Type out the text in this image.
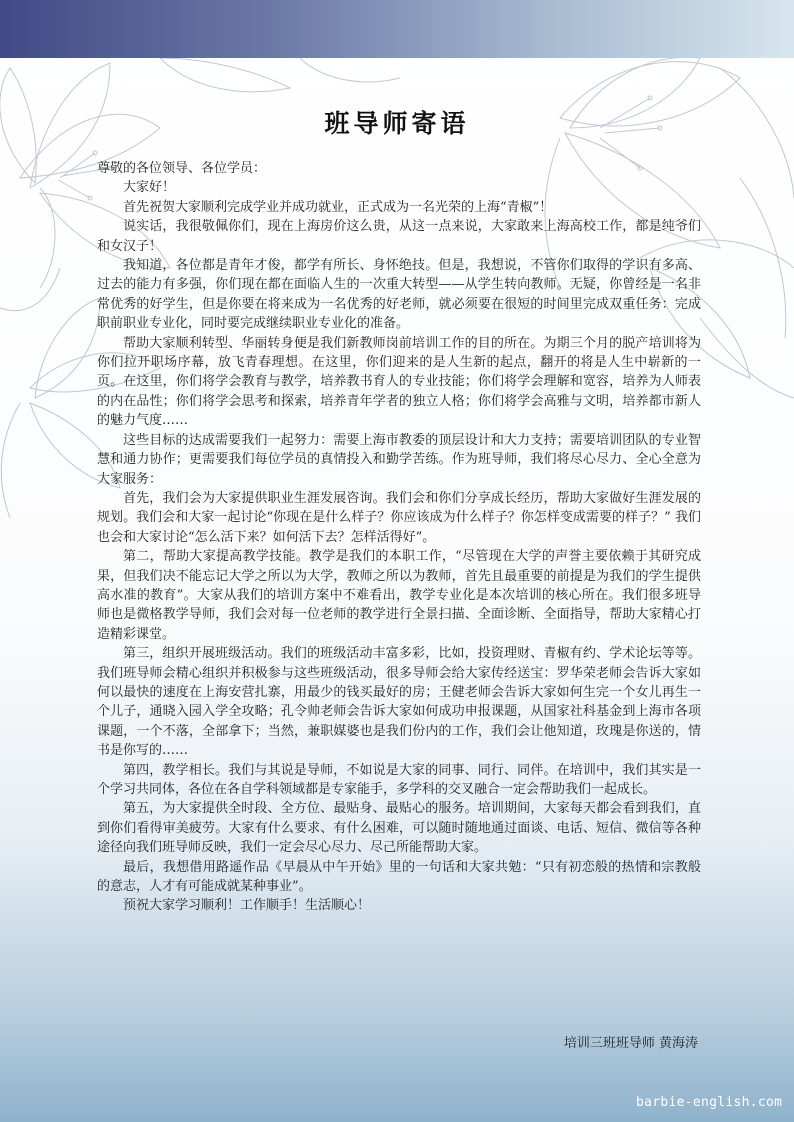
班导师寄语

尊敬的各位领导、各位学员：

大家好！

首先祝贺大家顺利完成学业并成功就业，正式成为一名光荣的上海“青椒”！

说实话，我很敬佩你们，现在上海房价这么贵，从这一点来说，大家敢来上海高校工作，都是纯爷们和女汉子！

我知道，各位都是青年才俊，都学有所长、身怀绝技。但是，我想说，不管你们取得的学识有多高、过去的能力有多强，你们现在都在面临人生的一次重大转型——从学生转向教师。无疑，你曾经是一名非常优秀的好学生，但是你要在将来成为一名优秀的好老师，就必须要在很短的时间里完成双重任务：完成职前职业专业化，同时要完成继续职业专业化的准备。

帮助大家顺利转型、华丽转身便是我们新教师岗前培训工作的目的所在。为期三个月的脱产培训将为你们拉开职场序幕，放飞青春理想。在这里，你们迎来的是人生新的起点，翻开的将是人生中崭新的一页。在这里，你们将学会教育与教学，培养教书育人的专业技能；你们将学会理解和宽容，培养为人师表的内在品性；你们将学会思考和探索，培养青年学者的独立人格；你们将学会高雅与文明，培养都市新人的魅力气度……

这些目标的达成需要我们一起努力：需要上海市教委的顶层设计和大力支持；需要培训团队的专业智慧和通力协作；更需要我们每位学员的真情投入和勤学苦练。作为班导师，我们将尽心尽力、全心全意为大家服务：

首先，我们会为大家提供职业生涯发展咨询。我们会和你们分享成长经历，帮助大家做好生涯发展的规划。我们会和大家一起讨论“你现在是什么样子？你应该成为什么样子？你怎样变成需要的样子？” 我们也会和大家讨论“怎么活下来？如何活下去？怎样活得好”。

第二，帮助大家提高教学技能。教学是我们的本职工作，“尽管现在大学的声誉主要依赖于其研究成果，但我们决不能忘记大学之所以为大学，教师之所以为教师，首先且最重要的前提是为我们的学生提供高水准的教育”。大家从我们的培训方案中不难看出，教学专业化是本次培训的核心所在。我们很多班导师也是微格教学导师，我们会对每一位老师的教学进行全景扫描、全面诊断、全面指导，帮助大家精心打造精彩课堂。

第三，组织开展班级活动。我们的班级活动丰富多彩，比如，投资理财、青椒有约、学术论坛等等。我们班导师会精心组织并积极参与这些班级活动，很多导师会给大家传经送宝：罗华荣老师会告诉大家如何以最快的速度在上海安营扎寨，用最少的钱买最好的房；王健老师会告诉大家如何生完一个女儿再生一个儿子，通晓入园入学全攻略；孔令帅老师会告诉大家如何成功申报课题，从国家社科基金到上海市各项课题，一个不落，全部拿下；当然，兼职媒婆也是我们份内的工作，我们会让他知道，玫瑰是你送的，情书是你写的……

第四，教学相长。我们与其说是导师，不如说是大家的同事、同行、同伴。在培训中，我们其实是一个学习共同体，各位在各自学科领域都是专家能手，多学科的交叉融合一定会帮助我们一起成长。

第五，为大家提供全时段、全方位、最贴身、最贴心的服务。培训期间，大家每天都会看到我们，直到你们看得审美疲劳。大家有什么要求、有什么困难，可以随时随地通过面谈、电话、短信、微信等各种途径向我们班导师反映，我们一定会尽心尽力、尽己所能帮助大家。

最后，我想借用路遥作品《早晨从中午开始》里的一句话和大家共勉：“只有初恋般的热情和宗教般的意志，人才有可能成就某种事业”。

预祝大家学习顺利！工作顺手！生活顺心！

培训三班班导师 黄海涛
barbie-english.com
